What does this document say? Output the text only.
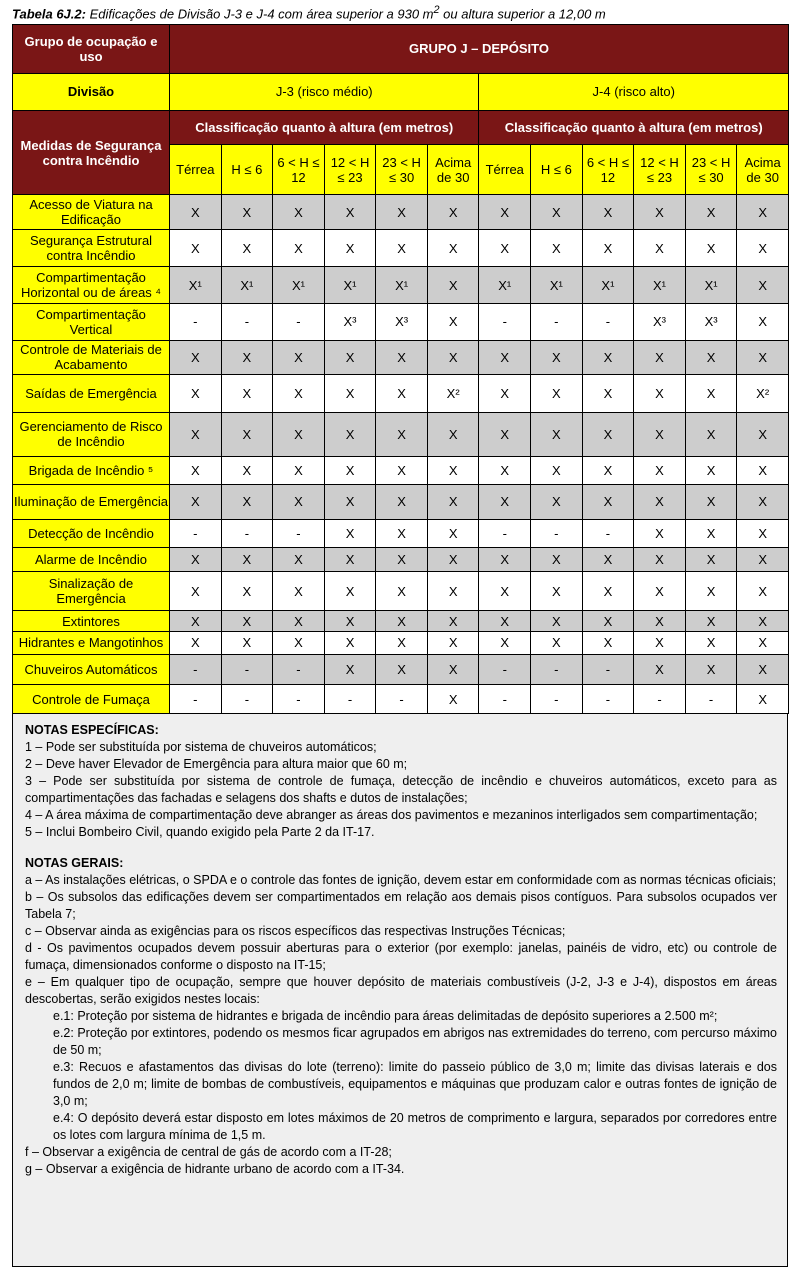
Tabela 6J.2: Edificações de Divisão J-3 e J-4 com área superior a 930 $m^2$ ou altura superior a 12,00 m
Grupo de ocupação e uso	GRUPO J – DEPÓSITO											
Divisão	J-3 (risco médio)						J-4 (risco alto)					
Medidas de Segurança contra Incêndio	Classificação quanto à altura (em metros)						Classificação quanto à altura (em metros)					
	Térrea	H ≤ 6	6 < H ≤ 12	12 < H ≤ 23	23 < H ≤ 30	Acima de 30	Térrea	H ≤ 6	6 < H ≤ 12	12 < H ≤ 23	23 < H ≤ 30	Acima de 30
Acesso de Viatura na Edificação	X	X	X	X	X	X	X	X	X	X	X	X
Segurança Estrutural contra Incêndio	X	X	X	X	X	X	X	X	X	X	X	X
Compartimentação Horizontal ou de áreas ⁴	X¹	X¹	X¹	X¹	X¹	X	X¹	X¹	X¹	X¹	X¹	X
Compartimentação Vertical	-	-	-	X³	X³	X	-	-	-	X³	X³	X
Controle de Materiais de Acabamento	X	X	X	X	X	X	X	X	X	X	X	X
Saídas de Emergência	X	X	X	X	X	X²	X	X	X	X	X	X²
Gerenciamento de Risco de Incêndio	X	X	X	X	X	X	X	X	X	X	X	X
Brigada de Incêndio ⁵	X	X	X	X	X	X	X	X	X	X	X	X
Iluminação de Emergência	X	X	X	X	X	X	X	X	X	X	X	X
Detecção de Incêndio	-	-	-	X	X	X	-	-	-	X	X	X
Alarme de Incêndio	X	X	X	X	X	X	X	X	X	X	X	X
Sinalização de Emergência	X	X	X	X	X	X	X	X	X	X	X	X
Extintores	X	X	X	X	X	X	X	X	X	X	X	X
Hidrantes e Mangotinhos	X	X	X	X	X	X	X	X	X	X	X	X
Chuveiros Automáticos	-	-	-	X	X	X	-	-	-	X	X	X
Controle de Fumaça	-	-	-	-	-	X	-	-	-	-	-	X
NOTAS ESPECÍFICAS:
1 – Pode ser substituída por sistema de chuveiros automáticos;
2 – Deve haver Elevador de Emergência para altura maior que 60 m;
3 – Pode ser substituída por sistema de controle de fumaça, detecção de incêndio e chuveiros automáticos, exceto para as compartimentações das fachadas e selagens dos shafts e dutos de instalações;
4 – A área máxima de compartimentação deve abranger as áreas dos pavimentos e mezaninos interligados sem compartimentação;
5 – Inclui Bombeiro Civil, quando exigido pela Parte 2 da IT-17.
NOTAS GERAIS:
a – As instalações elétricas, o SPDA e o controle das fontes de ignição, devem estar em conformidade com as normas técnicas oficiais;
b – Os subsolos das edificações devem ser compartimentados em relação aos demais pisos contíguos. Para subsolos ocupados ver Tabela 7;
c – Observar ainda as exigências para os riscos específicos das respectivas Instruções Técnicas;
d - Os pavimentos ocupados devem possuir aberturas para o exterior (por exemplo: janelas, painéis de vidro, etc) ou controle de fumaça, dimensionados conforme o disposto na IT-15;
e – Em qualquer tipo de ocupação, sempre que houver depósito de materiais combustíveis (J-2, J-3 e J-4), dispostos em áreas descobertas, serão exigidos nestes locais:
e.1: Proteção por sistema de hidrantes e brigada de incêndio para áreas delimitadas de depósito superiores a 2.500 m²;
e.2: Proteção por extintores, podendo os mesmos ficar agrupados em abrigos nas extremidades do terreno, com percurso máximo de 50 m;
e.3: Recuos e afastamentos das divisas do lote (terreno): limite do passeio público de 3,0 m; limite das divisas laterais e dos fundos de 2,0 m; limite de bombas de combustíveis, equipamentos e máquinas que produzam calor e outras fontes de ignição de 3,0 m;
e.4: O depósito deverá estar disposto em lotes máximos de 20 metros de comprimento e largura, separados por corredores entre os lotes com largura mínima de 1,5 m.
f – Observar a exigência de central de gás de acordo com a IT-28;
g – Observar a exigência de hidrante urbano de acordo com a IT-34.
